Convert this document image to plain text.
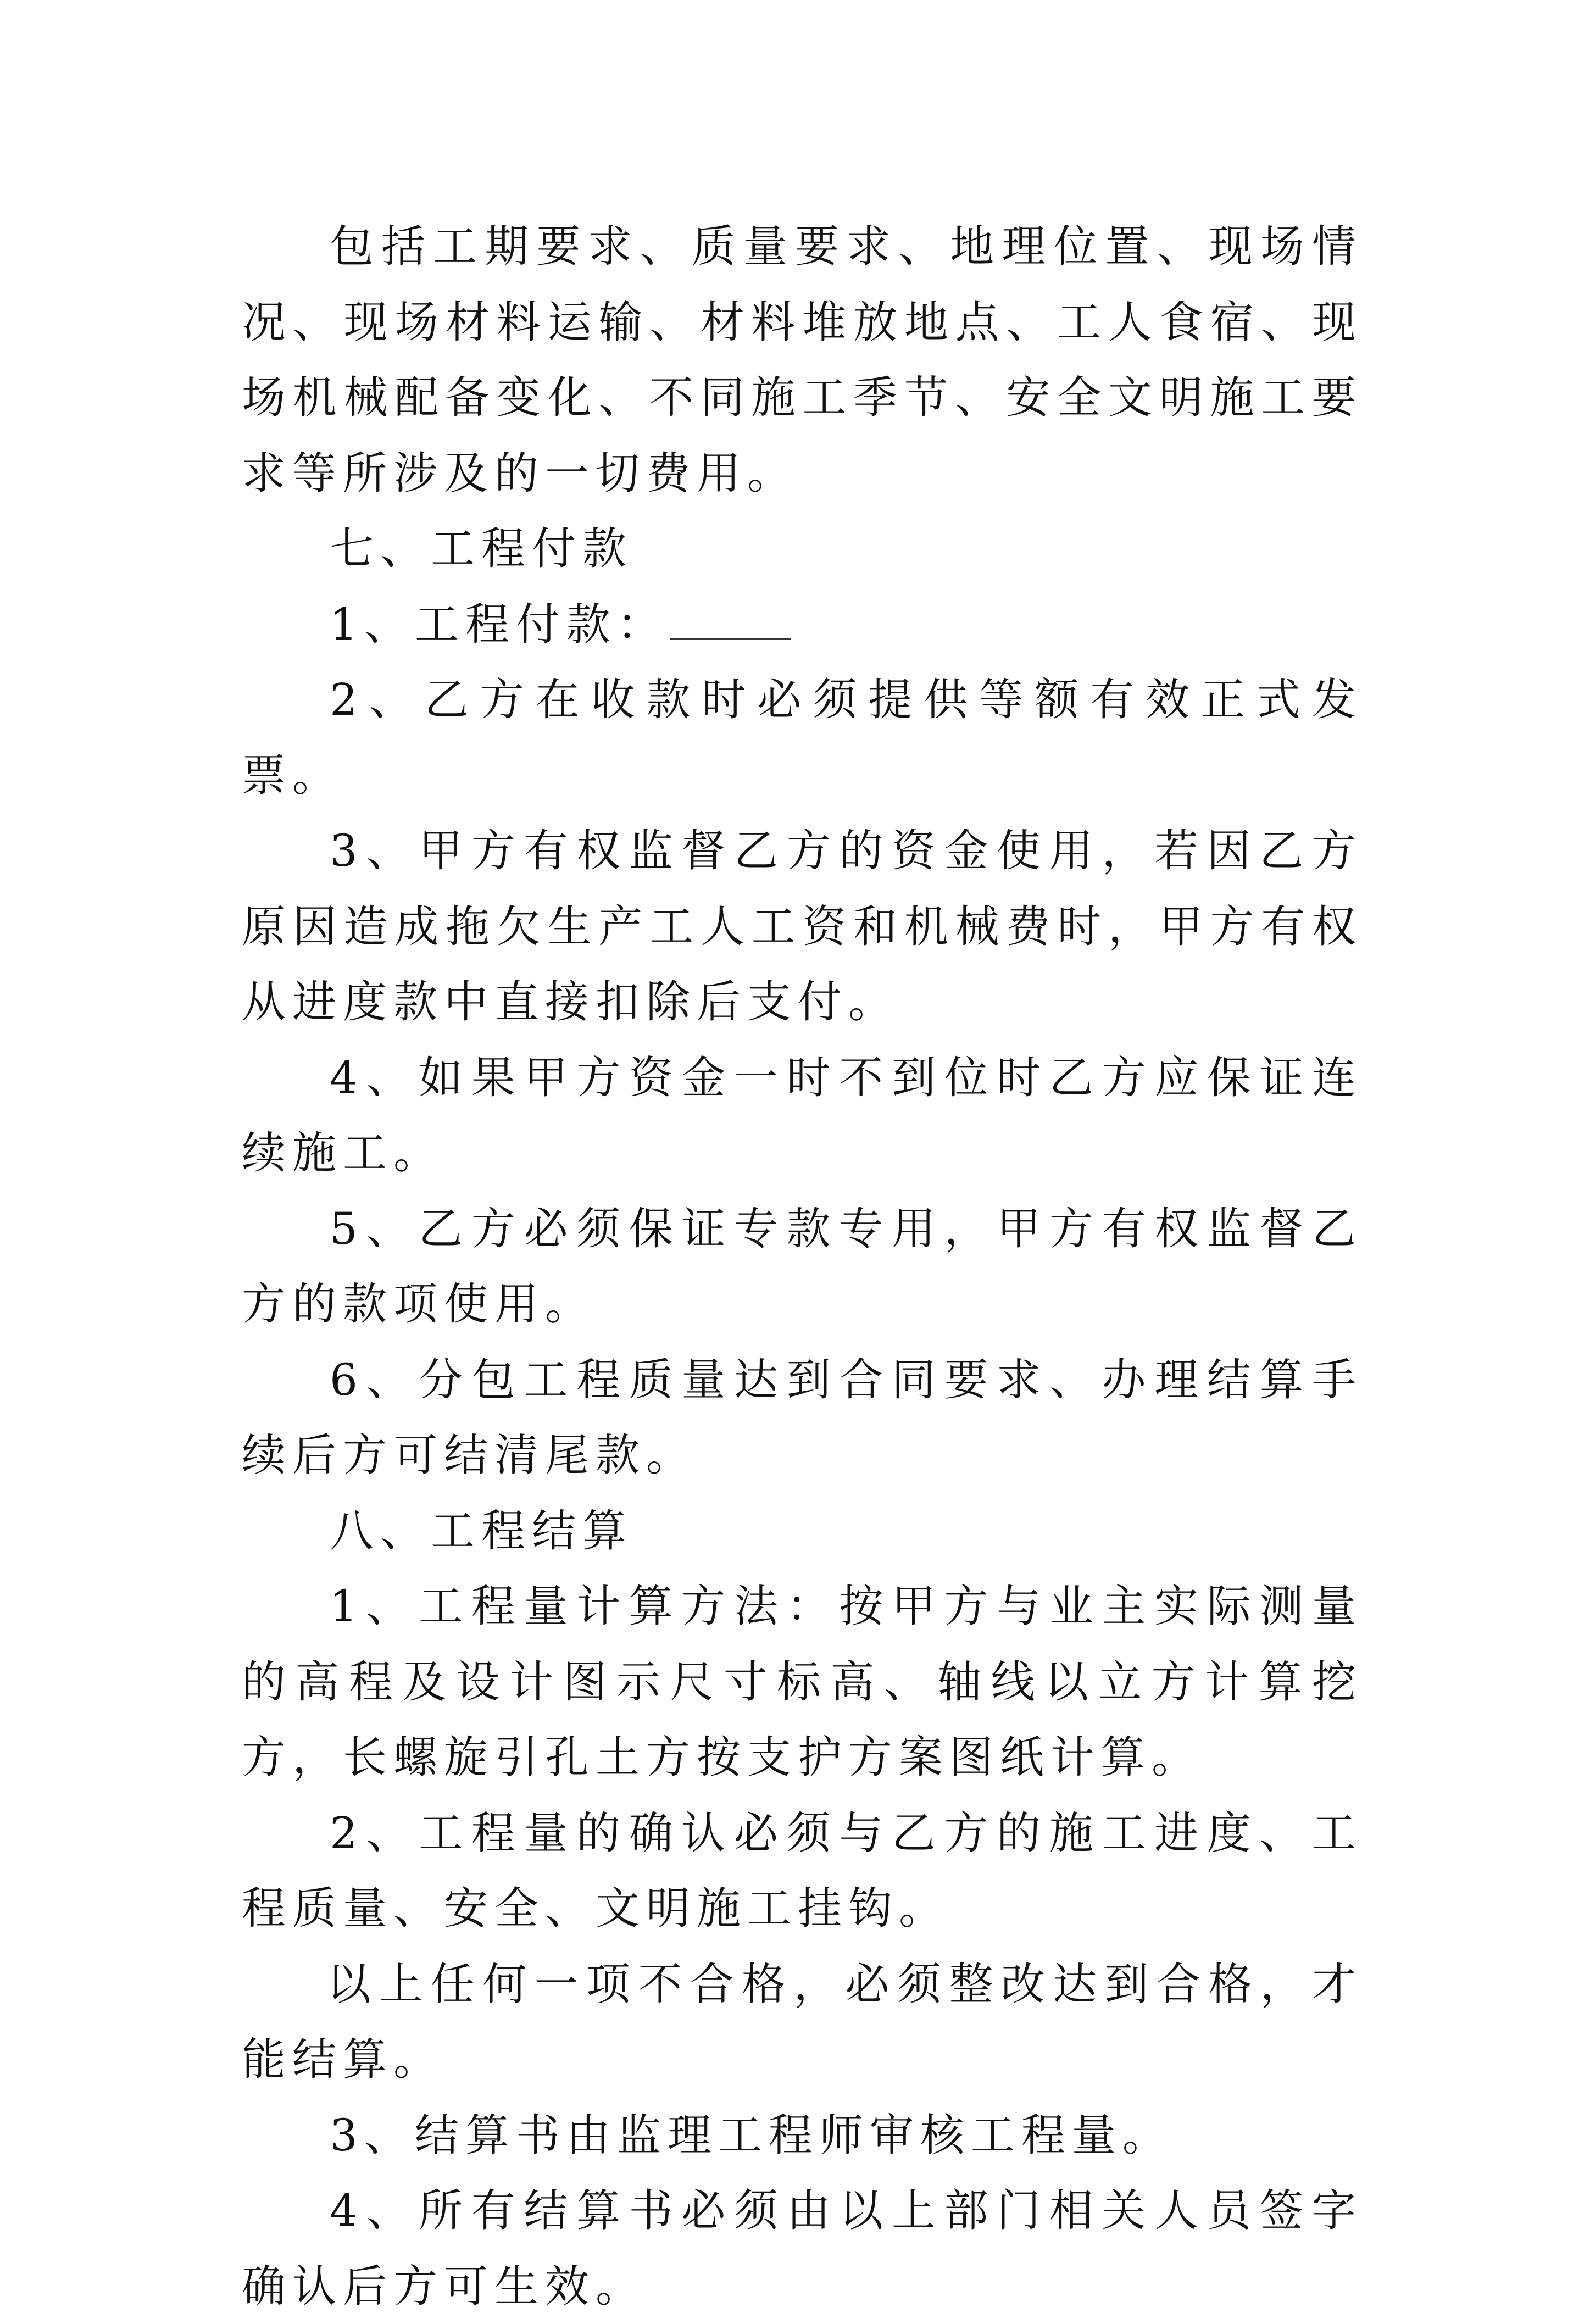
包括工期要求、质量要求、地理位置、现场情况、现场材料运输、材料堆放地点、工人食宿、现场机械配备变化、不同施工季节、安全文明施工要求等所涉及的一切费用。

七、工程付款

1、工程付款：

2、乙方在收款时必须提供等额有效正式发票。

3、甲方有权监督乙方的资金使用，若因乙方原因造成拖欠生产工人工资和机械费时，甲方有权从进度款中直接扣除后支付。

4、如果甲方资金一时不到位时乙方应保证连续施工。

5、乙方必须保证专款专用，甲方有权监督乙方的款项使用。

6、分包工程质量达到合同要求、办理结算手续后方可结清尾款。

八、工程结算

1、工程量计算方法：按甲方与业主实际测量的高程及设计图示尺寸标高、轴线以立方计算挖方，长螺旋引孔土方按支护方案图纸计算。

2、工程量的确认必须与乙方的施工进度、工程质量、安全、文明施工挂钩。

以上任何一项不合格，必须整改达到合格，才能结算。

3、结算书由监理工程师审核工程量。

4、所有结算书必须由以上部门相关人员签字确认后方可生效。
